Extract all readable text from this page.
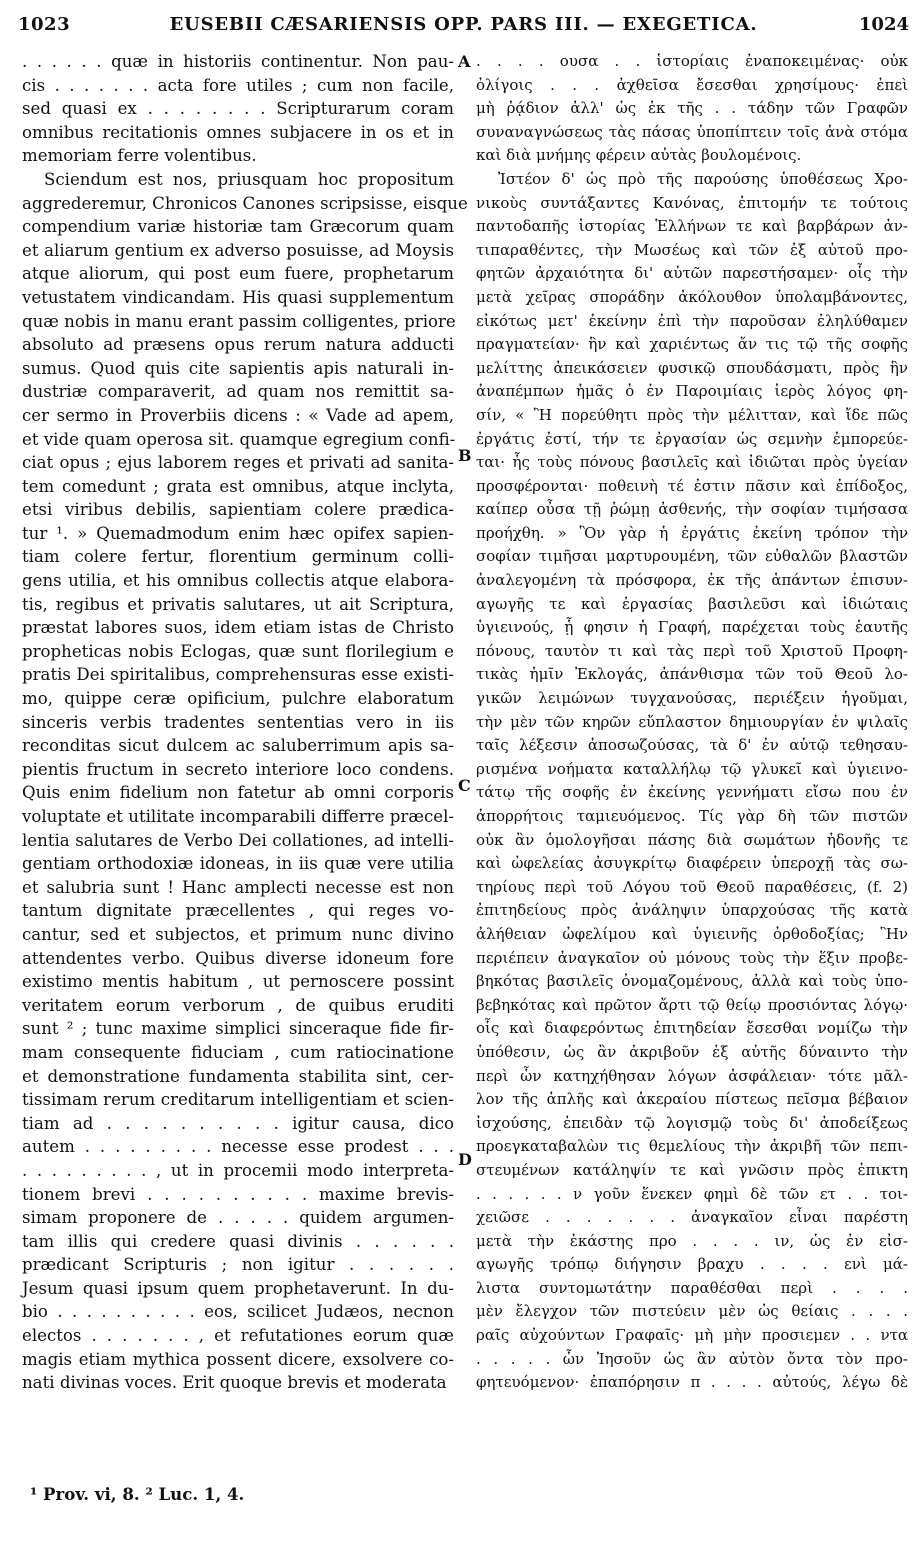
1023	EUSEBII CÆSARIENSIS OPP. PARS III. — EXEGETICA.	1024
. . . . . . quæ in historiis continentur. Non pau-
cis . . . . . . . acta fore utiles ; cum non facile,
sed quasi ex . . . . . . . . Scripturarum coram
omnibus recitationis omnes subjacere in os et in
memoriam ferre volentibus.
Sciendum est nos, priusquam hoc propositum
aggrederemur, Chronicos Canones scripsisse, eisque
compendium variæ historiæ tam Græcorum quam
et aliarum gentium ex adverso posuisse, ad Moysis
atque aliorum, qui post eum fuere, prophetarum
vetustatem vindicandam. His quasi supplementum
quæ nobis in manu erant passim colligentes, priore
absoluto ad præsens opus rerum natura adducti
sumus. Quod quis cite sapientis apis naturali in-
dustriæ comparaverit, ad quam nos remittit sa-
cer sermo in Proverbiis dicens : « Vade ad apem,
et vide quam operosa sit. quamque egregium confi-
ciat opus ; ejus laborem reges et privati ad sanita-
tem comedunt ; grata est omnibus, atque inclyta,
etsi viribus debilis, sapientiam colere prædica-
tur ¹. » Quemadmodum enim hæc opifex sapien-
tiam colere fertur, florentium germinum colli-
gens utilia, et his omnibus collectis atque elabora-
tis, regibus et privatis salutares, ut ait Scriptura,
præstat labores suos, idem etiam istas de Christo
propheticas nobis Eclogas, quæ sunt florilegium e
pratis Dei spiritalibus, comprehensuras esse existi-
mo, quippe ceræ opificium, pulchre elaboratum
sinceris verbis tradentes sententias vero in iis
reconditas sicut dulcem ac saluberrimum apis sa-
pientis fructum in secreto interiore loco condens.
Quis enim fidelium non fatetur ab omni corporis
voluptate et utilitate incomparabili differre præcel-
lentia salutares de Verbo Dei collationes, ad intelli-
gentiam orthodoxiæ idoneas, in iis quæ vere utilia
et salubria sunt ! Hanc amplecti necesse est non
tantum dignitate præcellentes , qui reges vo-
cantur, sed et subjectos, et primum nunc divino
attendentes verbo. Quibus diverse idoneum fore
existimo mentis habitum , ut pernoscere possint
veritatem eorum verborum , de quibus eruditi
sunt ² ; tunc maxime simplici sinceraque fide fir-
mam consequente fiduciam , cum ratiocinatione
et demonstratione fundamenta stabilita sint, cer-
tissimam rerum creditarum intelligentiam et scien-
tiam ad . . . . . . . . . . igitur causa, dico
autem . . . . . . . . . necesse esse prodest . . .
. . . . . . . . . , ut in procemii modo interpreta-
tionem brevi . . . . . . . . . . maxime brevis-
simam proponere de . . . . . quidem argumen-
tam illis qui credere quasi divinis . . . . . .
prædicant Scripturis ; non igitur . . . . . .
Jesum quasi ipsum quem prophetaverunt. In du-
bio . . . . . . . . . . eos, scilicet Judæos, necnon
electos . . . . . . . , et refutationes eorum quæ
magis etiam mythica possent dicere, exsolvere co-
nati divinas voces. Erit quoque brevis et moderata
. . . . ουσα . . ἱστορίαις ἐναποκειμένας· οὐκ
ὀλίγοις . . . ἀχθεῖσα ἔσεσθαι χρησίμους· ἐπεὶ
μὴ ῥᾴδιον ἀλλ' ὡς ἐκ τῆς . . τάδην τῶν Γραφῶν
συναναγνώσεως τὰς πάσας ὑποπίπτειν τοῖς ἀνὰ στόμα
καὶ διὰ μνήμης φέρειν αὐτὰς βουλομένοις.
Ἰστέον δ' ὡς πρὸ τῆς παρούσης ὑποθέσεως Χρο-
νικοὺς συντάξαντες Κανόνας, ἐπιτομήν τε τούτοις
παντοδαπῆς ἱστορίας Ἑλλήνων τε καὶ βαρβάρων ἀν-
τιπαραθέντες, τὴν Μωσέως καὶ τῶν ἐξ αὐτοῦ προ-
φητῶν ἀρχαιότητα δι' αὐτῶν παρεστήσαμεν· οἷς τὴν
μετὰ χεῖρας σποράδην ἀκόλουθον ὑπολαμβάνοντες,
εἰκότως μετ' ἐκείνην ἐπὶ τὴν παροῦσαν ἐληλύθαμεν
πραγματείαν· ἣν καὶ χαριέντως ἄν τις τῷ τῆς σοφῆς
μελίττης ἀπεικάσειεν φυσικῷ σπουδάσματι, πρὸς ἣν
ἀναπέμπων ἡμᾶς ὁ ἐν Παροιμίαις ἱερὸς λόγος φη-
σίν, « Ἢ πορεύθητι πρὸς τὴν μέλιτταν, καὶ ἴδε πῶς
ἐργάτις ἐστί, τήν τε ἐργασίαν ὡς σεμνὴν ἐμπορεύε-
ται· ἧς τοὺς πόνους βασιλεῖς καὶ ἰδιῶται πρὸς ὑγείαν
προσφέρονται· ποθεινὴ τέ ἐστιν πᾶσιν καὶ ἐπίδοξος,
καίπερ οὖσα τῇ ῥώμῃ ἀσθενής, τὴν σοφίαν τιμήσασα
προήχθη. » Ὃν γὰρ ἡ ἐργάτις ἐκείνη τρόπον τὴν
σοφίαν τιμῆσαι μαρτυρουμένη, τῶν εὐθαλῶν βλαστῶν
ἀναλεγομένη τὰ πρόσφορα, ἐκ τῆς ἁπάντων ἐπισυν-
αγωγῆς τε καὶ ἐργασίας βασιλεῦσι καὶ ἰδιώταις
ὑγιεινούς, ᾗ φησιν ἡ Γραφή, παρέχεται τοὺς ἑαυτῆς
πόνους, ταυτὸν τι καὶ τὰς περὶ τοῦ Χριστοῦ Προφη-
τικὰς ἡμῖν Ἐκλογάς, ἀπάνθισμα τῶν τοῦ Θεοῦ λο-
γικῶν λειμώνων τυγχανούσας, περιέξειν ἡγοῦμαι,
τὴν μὲν τῶν κηρῶν εὔπλαστον δημιουργίαν ἐν ψιλαῖς
ταῖς λέξεσιν ἀποσωζούσας, τὰ δ' ἐν αὐτῷ τεθησαυ-
ρισμένα νοήματα καταλλήλῳ τῷ γλυκεῖ καὶ ὑγιεινο-
τάτῳ τῆς σοφῆς ἐν ἐκείνης γεννήματι εἴσω που ἐν
ἀπορρήτοις ταμιευόμενος. Τίς γὰρ δὴ τῶν πιστῶν
οὐκ ἂν ὁμολογῆσαι πάσης διὰ σωμάτων ἡδονῆς τε
καὶ ὠφελείας ἀσυγκρίτῳ διαφέρειν ὑπεροχῇ τὰς σω-
τηρίους περὶ τοῦ Λόγου τοῦ Θεοῦ παραθέσεις, (f. 2)
ἐπιτηδείους πρὸς ἀνάληψιν ὑπαρχούσας τῆς κατὰ
ἀλήθειαν ὠφελίμου καὶ ὑγιεινῆς ὀρθοδοξίας; Ἣν
περιέπειν ἀναγκαῖον οὐ μόνους τοὺς τὴν ἕξιν προβε-
βηκότας βασιλεῖς ὀνομαζομένους, ἀλλὰ καὶ τοὺς ὑπο-
βεβηκότας καὶ πρῶτον ἄρτι τῷ θείῳ προσιόντας λόγῳ·
οἷς καὶ διαφερόντως ἐπιτηδείαν ἔσεσθαι νομίζω τὴν
ὑπόθεσιν, ὡς ἂν ἀκριβοῦν ἐξ αὐτῆς δύναιντο τὴν
περὶ ὧν κατηχήθησαν λόγων ἀσφάλειαν· τότε μᾶλ-
λον τῆς ἁπλῆς καὶ ἀκεραίου πίστεως πεῖσμα βέβαιον
ἰσχούσης, ἐπειδὰν τῷ λογισμῷ τοὺς δι' ἀποδείξεως
προεγκαταβαλὼν τις θεμελίους τὴν ἀκριβῆ τῶν πεπι-
στευμένων κατάληψίν τε καὶ γνῶσιν πρὸς ἐπικτη
. . . . . . ν γοῦν ἕνεκεν φημὶ δὲ τῶν ετ . . τοι-
χειῶσε . . . . . . . ἀναγκαῖον εἶναι παρέστη
μετὰ τὴν ἑκάστης προ . . . . ιν, ὡς ἐν εἰσ-
αγωγῆς τρόπῳ διήγησιν βραχυ . . . . ενὶ μά-
λιστα συντομωτάτην παραθέσθαι περὶ . . . .
μὲν ἔλεγχον τῶν πιστεύειν μὲν ὡς θείαις . . . .
ραῖς αὐχούντων Γραφαῖς· μὴ μὴν προσιεμεν . . ντα
. . . . . ὧν Ἰησοῦν ὡς ἂν αὐτὸν ὄντα τὸν προ-
φητευόμενον· ἐπαπόρησιν π . . . . αὐτούς, λέγω δὲ
A
B
C
D
¹ Prov. vi, 8. ² Luc. 1, 4.
